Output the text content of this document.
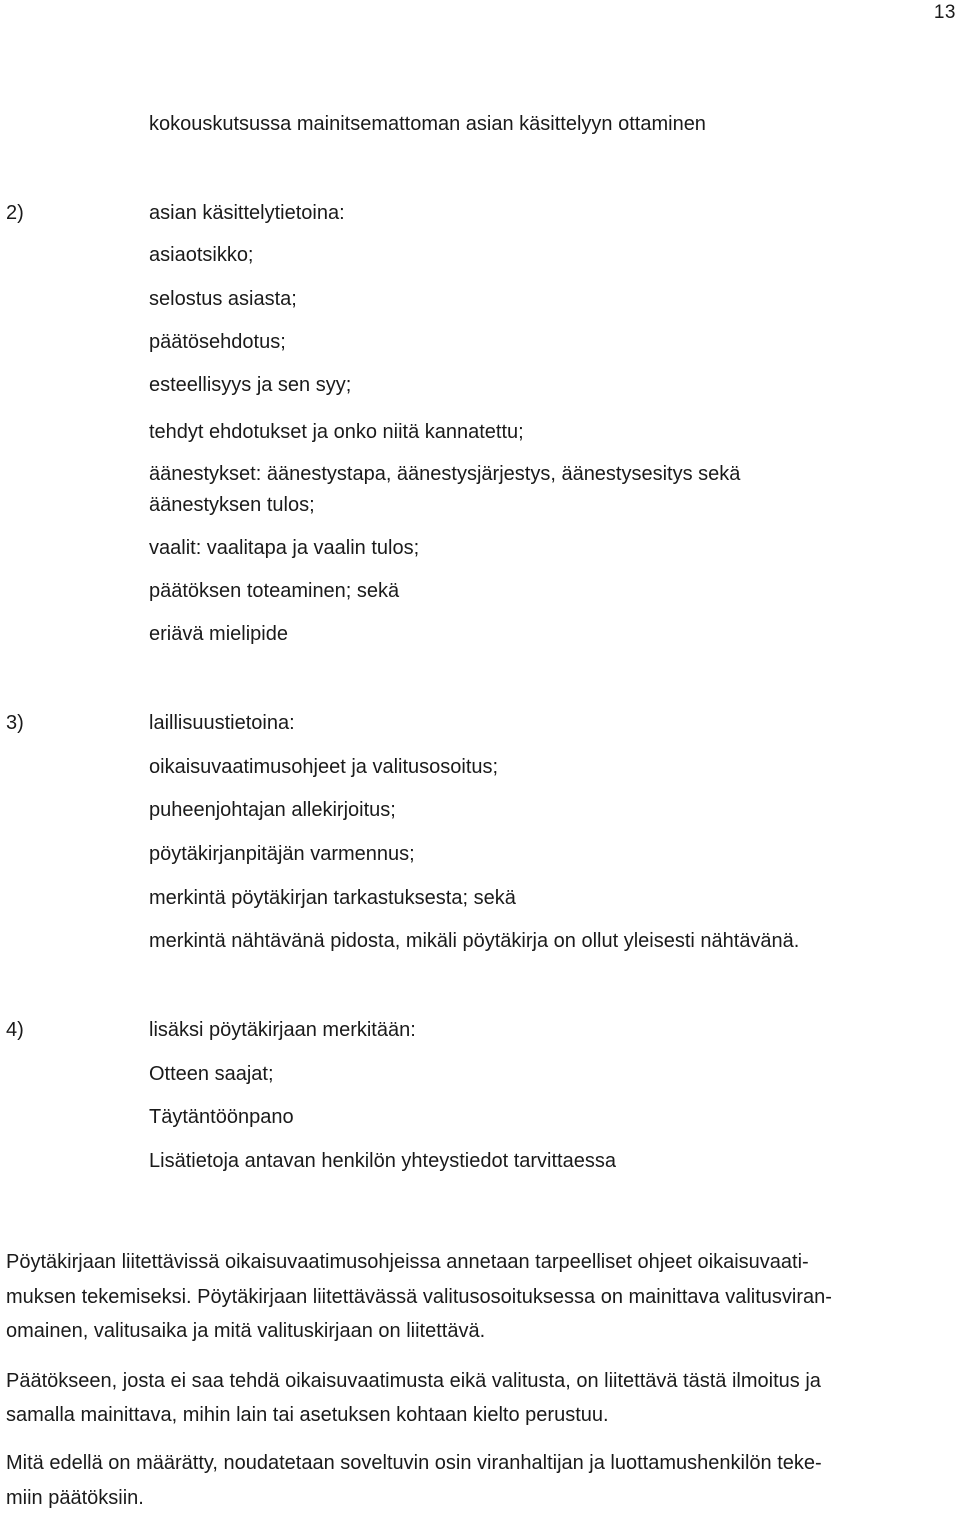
13
kokouskutsussa mainitsemattoman asian käsittelyyn ottaminen
2)	asian käsittelytietoina:
asiaotsikko;
selostus asiasta;
päätösehdotus;
esteellisyys ja sen syy;
tehdyt ehdotukset ja onko niitä kannatettu;
äänestykset: äänestystapa, äänestysjärjestys, äänestysesitys sekä
äänestyksen tulos;
vaalit: vaalitapa ja vaalin tulos;
päätöksen toteaminen; sekä
eriävä mielipide
3)	laillisuustietoina:
oikaisuvaatimusohjeet ja valitusosoitus;
puheenjohtajan allekirjoitus;
pöytäkirjanpitäjän varmennus;
merkintä pöytäkirjan tarkastuksesta; sekä
merkintä nähtävänä pidosta, mikäli pöytäkirja on ollut yleisesti nähtävänä.
4)	lisäksi pöytäkirjaan merkitään:
Otteen saajat;
Täytäntöönpano
Lisätietoja antavan henkilön yhteystiedot tarvittaessa
Pöytäkirjaan liitettävissä oikaisuvaatimusohjeissa annetaan tarpeelliset ohjeet oikaisuvaati-
muksen tekemiseksi. Pöytäkirjaan liitettävässä valitusosoituksessa on mainittava valitusviran-
omainen, valitusaika ja mitä valituskirjaan on liitettävä.
Päätökseen, josta ei saa tehdä oikaisuvaatimusta eikä valitusta, on liitettävä tästä ilmoitus ja
samalla mainittava, mihin lain tai asetuksen kohtaan kielto perustuu.
Mitä edellä on määrätty, noudatetaan soveltuvin osin viranhaltijan ja luottamushenkilön teke-
miin päätöksiin.
